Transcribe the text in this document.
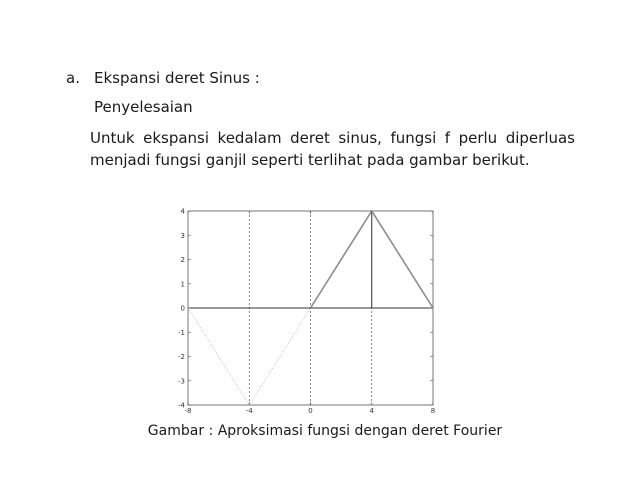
a. Ekspansi deret Sinus :
Penyelesaian
Untuk ekspansi kedalam deret sinus, fungsi f perlu diperluas menjadi fungsi ganjil seperti terlihat pada gambar berikut.
4
3
2
1
0
-1
-2
-3
-4
-8	-4	0	4	8
Gambar : Aproksimasi fungsi dengan deret Fourier
